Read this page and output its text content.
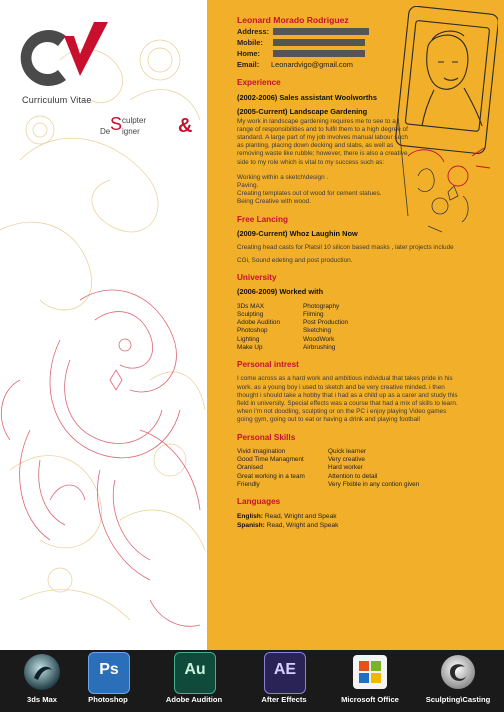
Curriculum Vitae
De S culpter
igner &
Leonard Morado Rodriguez
Address:
Mobile:
Home:
Email:	Leonardvigo@gmail.com
Experience
(2002-2006) Sales assistant Woolworths
(2005-Current) Landscape Gardening
My work in landscape gardening requires me to see to a range of responsibilities and to fulfil them to a high degree of standard. A large part of my job involves manual labour such as planting, placing down decking and slabs, as well as removing waste like rubble; however, there is also a creative side to my role which is vital to my success such as:
Working within a sketch\design .
Paving.
Creating templates out of wood for cement statues.
Being Creative with wood.
Free Lancing
(2009-Current) Whoz Laughin Now
Creating head casts for Platsil 10 silicon based masks , later projects include
CGi, Sound edeting and post production.
University
(2006-2009) Worked with
3Ds MAX	Photography
Sculpting	Filming
Adobe Audition	Post Production
Photoshop	Sketching
Lighting	WoodWork
Make Up	Airbrushing
Personal intrest
I come across as a hard work and ambitious individual that takes pride in his work. as a young boy i used to sketch and be very creative minded. i then thought i should take a hobby that i had as a child up as a carer and study this field in university. Special effects was a course that had a mix of skills to learn. when i'm not doodling, sculpting or on the PC i enjoy playing Video games going gym, going out to eat or having a drink and playing football
Personal Skills
Vivid imagination	Quick learner
Good Time Managment	Very creative
Oranised	Hard worker
Great working in a team	Attention to detail
Friendly	Very Flxible in any contion given
Languages
English: Read, Wright and Speak
Spanish: Read, Wright and Speak
3ds Max
Ps
Photoshop
Au
Adobe Audition
AE
After Effects	Microsoft Office	Sculpting\Casting
